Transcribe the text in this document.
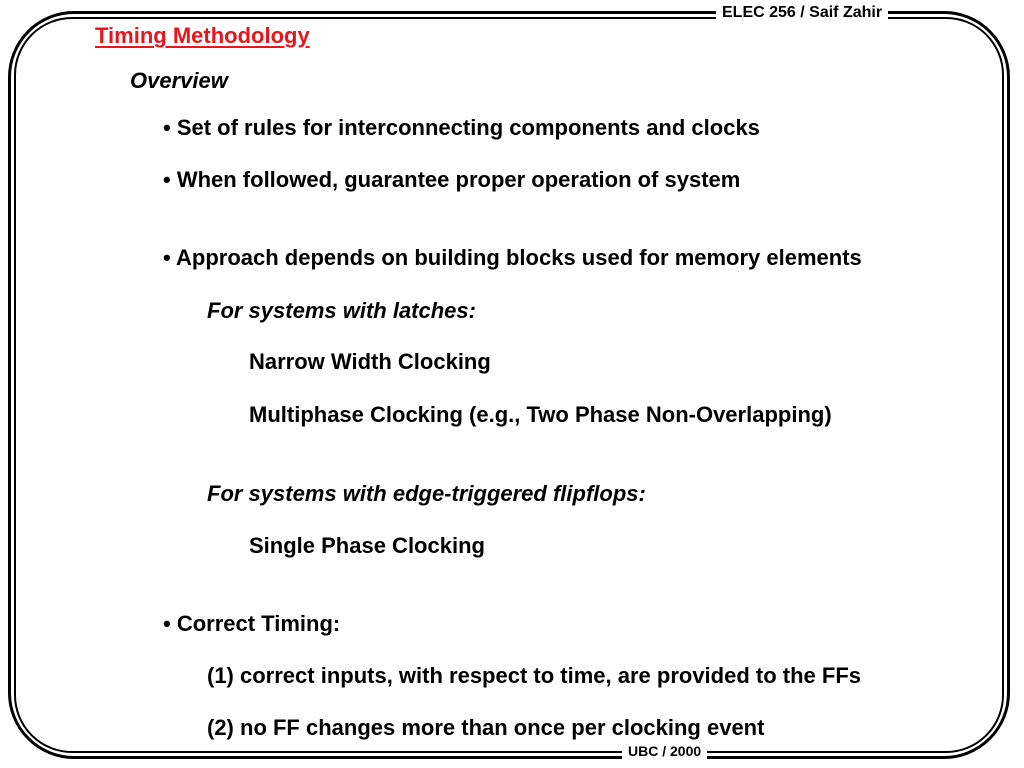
ELEC 256 / Saif Zahir
UBC / 2000
Timing Methodology
Overview
• Set of rules for interconnecting components and clocks
• When followed, guarantee proper operation of system
• Approach depends on building blocks used for memory elements
For systems with latches:
Narrow Width Clocking
Multiphase Clocking (e.g., Two Phase Non-Overlapping)
For systems with edge-triggered flipflops:
Single Phase Clocking
• Correct Timing:
(1) correct inputs, with respect to time, are provided to the FFs
(2) no FF changes more than once per clocking event
